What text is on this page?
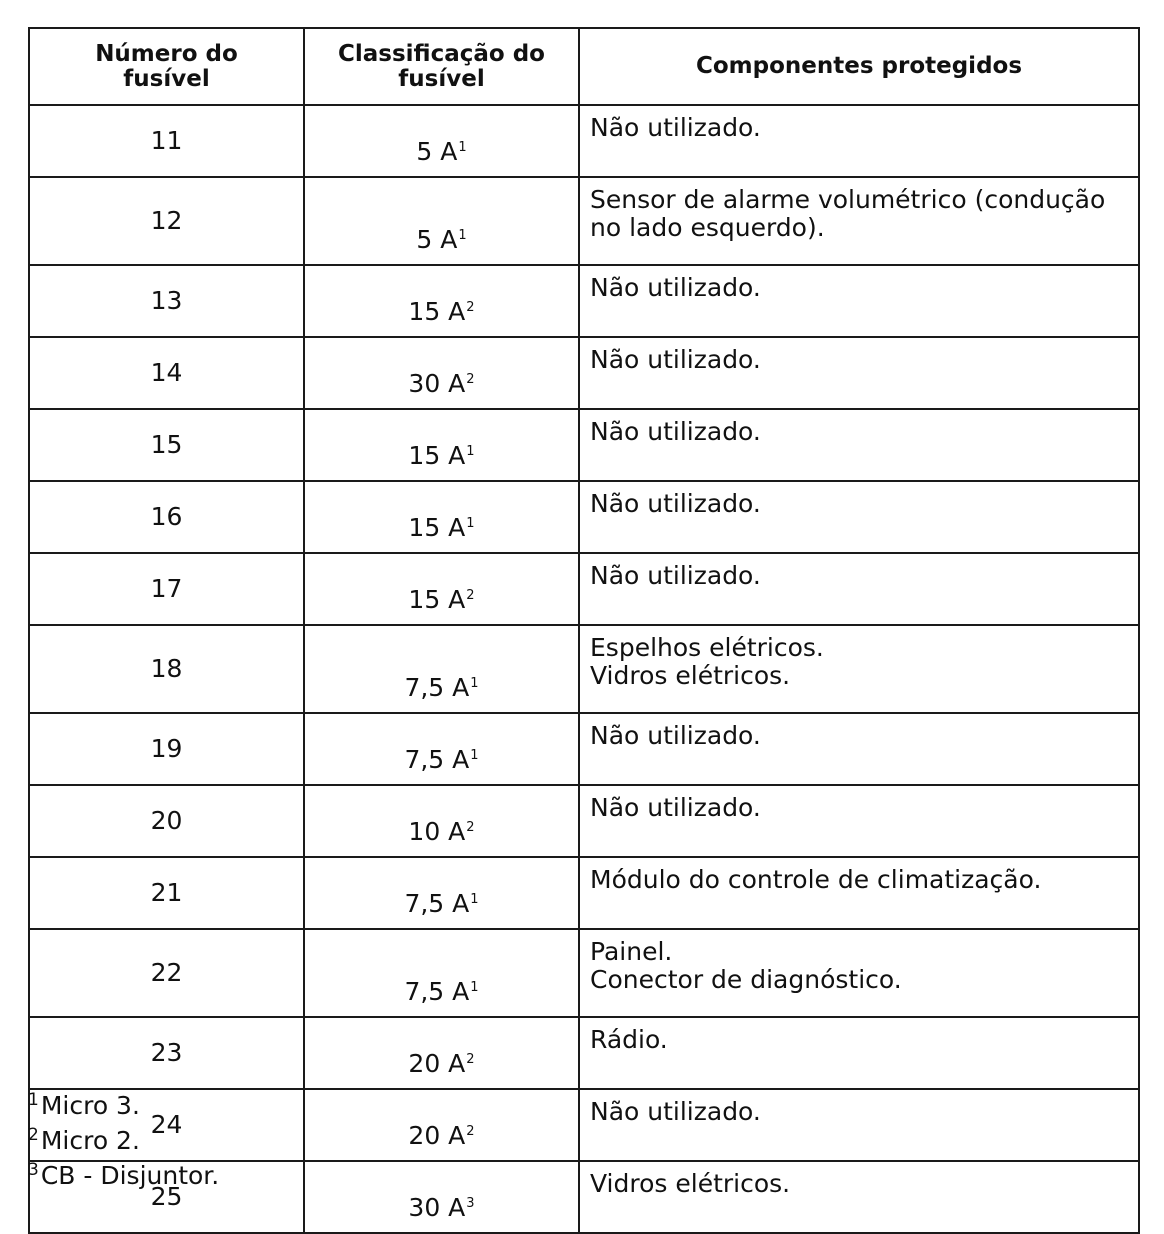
Número do fusível	Classificação do fusível	Componentes protegidos
11	5 $A^1$	Não utilizado.

12	5 $A^1$	Sensor de alarme volumétrico (condução
no lado esquerdo).

13	15 $A^2$	Não utilizado.

14	30 $A^2$	Não utilizado.

15	15 $A^1$	Não utilizado.

16	15 $A^1$	Não utilizado.

17	15 $A^2$	Não utilizado.

18	7,5 $A^1$	Espelhos elétricos.
Vidros elétricos.

19	7,5 $A^1$	Não utilizado.

20	10 $A^2$	Não utilizado.

21	7,5 $A^1$	Módulo do controle de climatização.

22	7,5 $A^1$	Painel.
Conector de diagnóstico.

23	20 $A^2$	Rádio.

24	20 $A^2$	Não utilizado.

25	30 $A^3$	Vidros elétricos.
$^1$Micro 3.
$^2$Micro 2.
$^3$CB - Disjuntor.
